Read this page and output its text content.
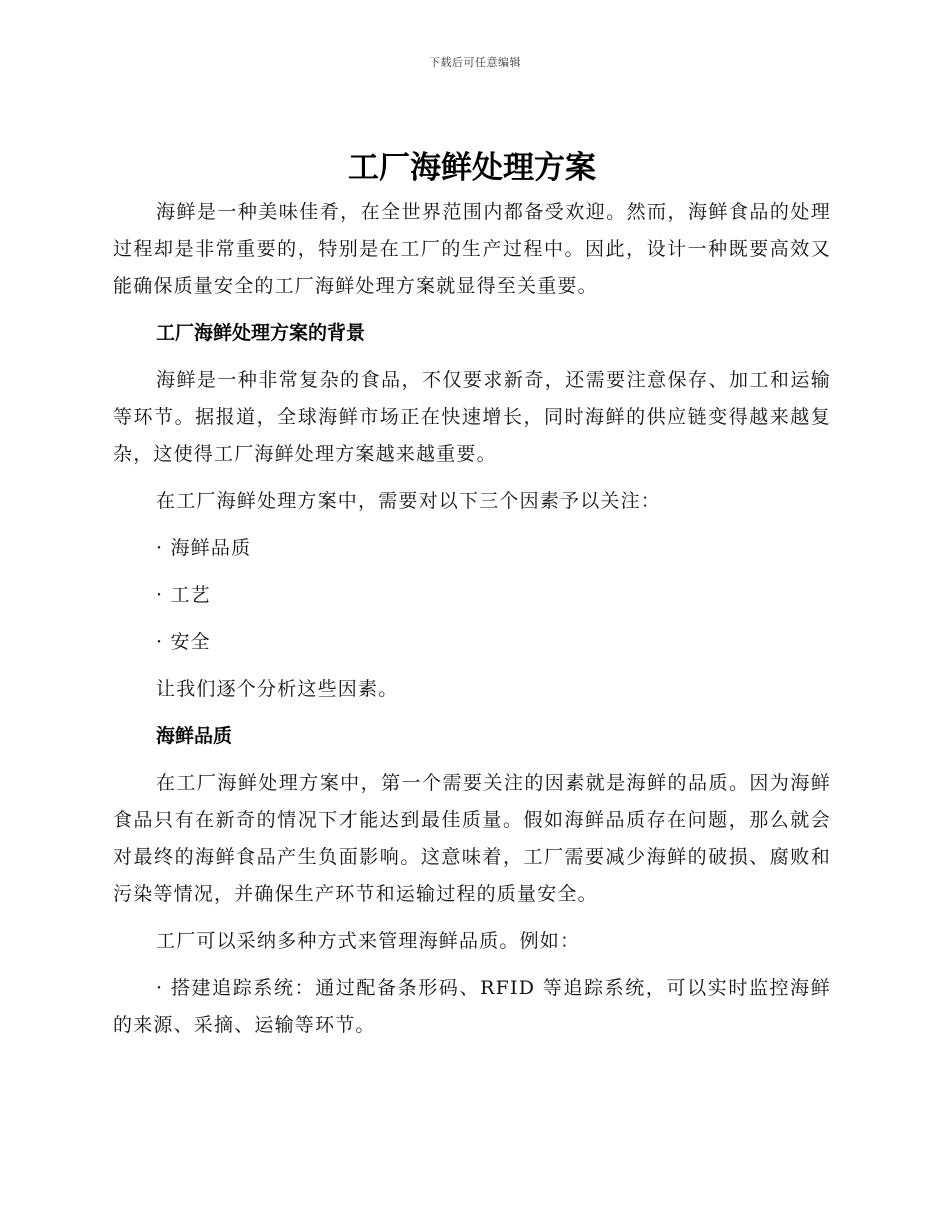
下载后可任意编辑
工厂海鲜处理方案

海鲜是一种美味佳肴，在全世界范围内都备受欢迎。然而，海鲜食品的处理过程却是非常重要的，特别是在工厂的生产过程中。因此，设计一种既要高效又能确保质量安全的工厂海鲜处理方案就显得至关重要。

工厂海鲜处理方案的背景

海鲜是一种非常复杂的食品，不仅要求新奇，还需要注意保存、加工和运输等环节。据报道，全球海鲜市场正在快速增长，同时海鲜的供应链变得越来越复杂，这使得工厂海鲜处理方案越来越重要。

在工厂海鲜处理方案中，需要对以下三个因素予以关注：

· 海鲜品质
· 工艺
· 安全

让我们逐个分析这些因素。

海鲜品质

在工厂海鲜处理方案中，第一个需要关注的因素就是海鲜的品质。因为海鲜食品只有在新奇的情况下才能达到最佳质量。假如海鲜品质存在问题，那么就会对最终的海鲜食品产生负面影响。这意味着，工厂需要减少海鲜的破损、腐败和污染等情况，并确保生产环节和运输过程的质量安全。

工厂可以采纳多种方式来管理海鲜品质。例如：

· 搭建追踪系统：通过配备条形码、RFID 等追踪系统，可以实时监控海鲜的来源、采摘、运输等环节。
